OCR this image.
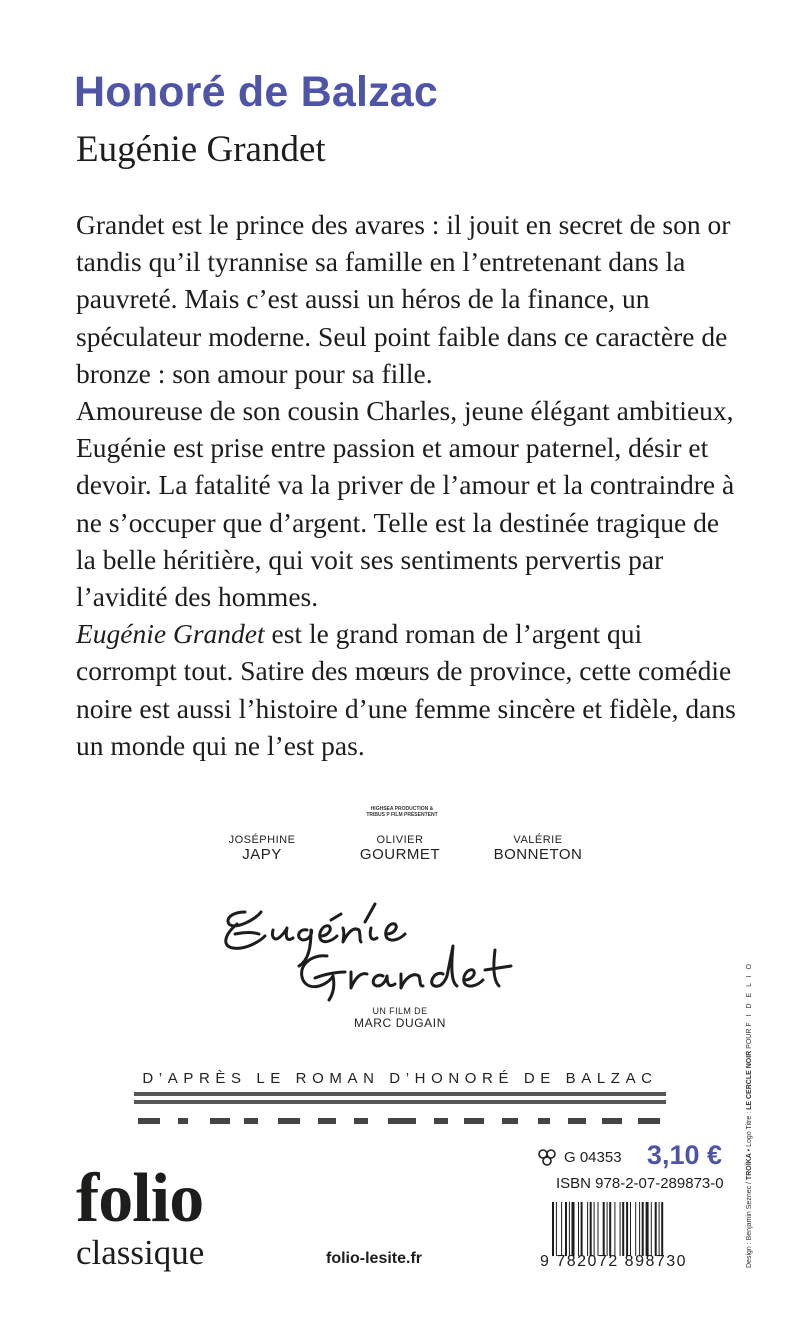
Honoré de Balzac
Eugénie Grandet

Grandet est le prince des avares : il jouit en secret de son or tandis qu’il tyrannise sa famille en l’entretenant dans la pauvreté. Mais c’est aussi un héros de la finance, un spéculateur moderne. Seul point faible dans ce caractère de bronze : son amour pour sa fille.

Amoureuse de son cousin Charles, jeune élégant ambitieux, Eugénie est prise entre passion et amour paternel, désir et devoir. La fatalité va la priver de l’amour et la contraindre à ne s’occuper que d’argent. Telle est la destinée tragique de la belle héritière, qui voit ses sentiments pervertis par l’avidité des hommes.

Eugénie Grandet est le grand roman de l’argent qui corrompt tout. Satire des mœurs de province, cette comédie noire est aussi l’histoire d’une femme sincère et fidèle, dans un monde qui ne l’est pas.

HIGHSEA PRODUCTION & TRIBUS P FILM PRÉSENTENT
JOSÉPHINE
JAPY
OLIVIER
GOURMET
VALÉRIE
BONNETON
UN FILM DE
MARC DUGAIN
D’APRÈS LE ROMAN D’HONORÉ DE BALZAC
G 04353 3,10 €
ISBN 978-2-07-289873-0
9 782072 898730
folio
classique	folio-lesite.fr	Design : Benjamin Seznec / TROÏKA • Logo Titre : LE CERCLE NOIR POUR F I D E L I O
